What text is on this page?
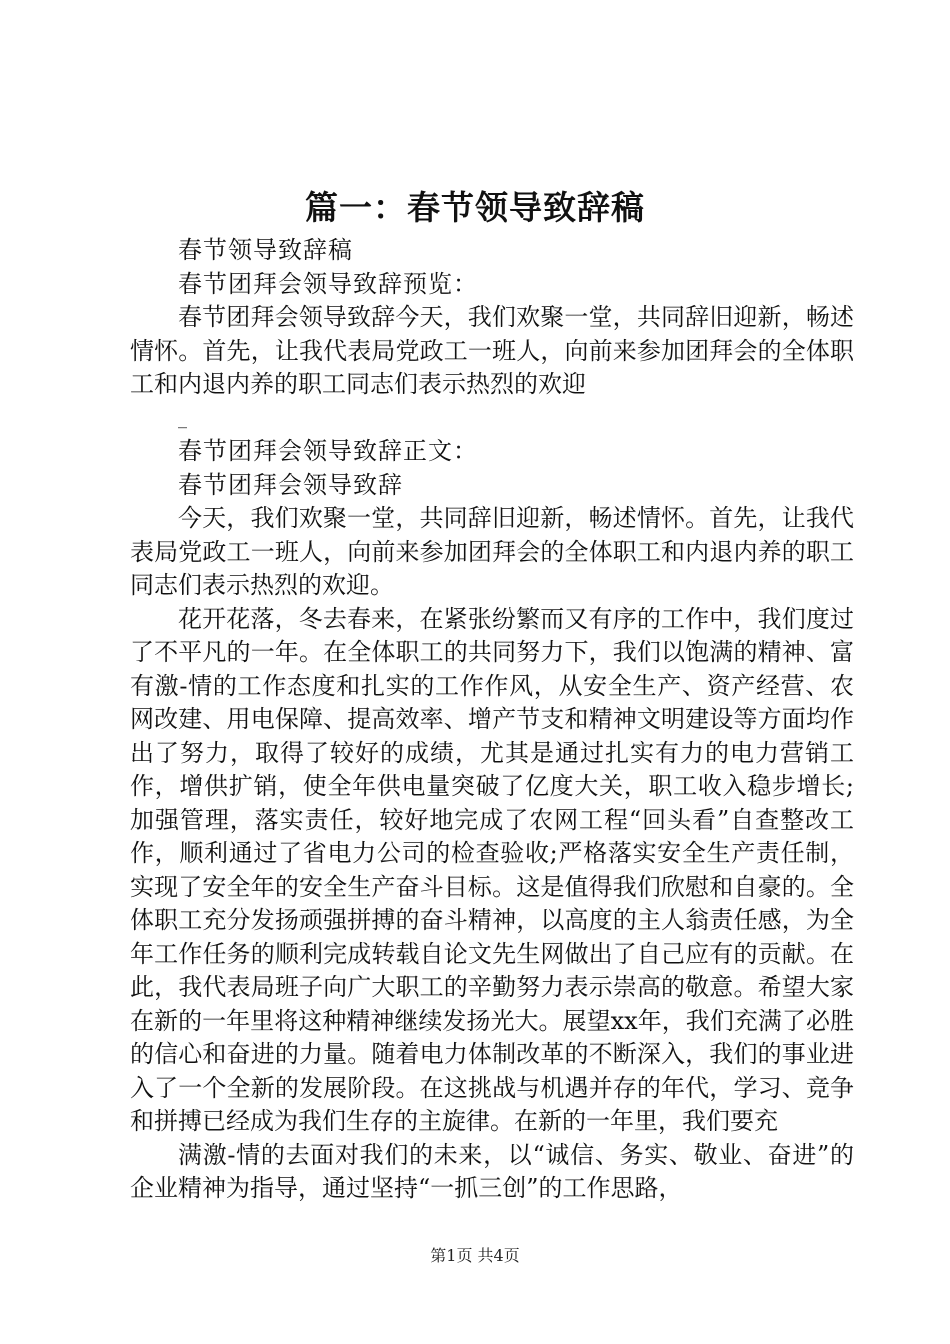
篇一：春节领导致辞稿

春节领导致辞稿

春节团拜会领导致辞预览：

春节团拜会领导致辞今天，我们欢聚一堂，共同辞旧迎新，畅述情怀。首先，让我代表局党政工一班人，向前来参加团拜会的全体职工和内退内养的职工同志们表示热烈的欢迎

_

春节团拜会领导致辞正文：

春节团拜会领导致辞

今天，我们欢聚一堂，共同辞旧迎新，畅述情怀。首先，让我代表局党政工一班人，向前来参加团拜会的全体职工和内退内养的职工同志们表示热烈的欢迎。

花开花落，冬去春来，在紧张纷繁而又有序的工作中，我们度过了不平凡的一年。在全体职工的共同努力下，我们以饱满的精神、富有激-情的工作态度和扎实的工作作风，从安全生产、资产经营、农网改建、用电保障、提高效率、增产节支和精神文明建设等方面均作出了努力，取得了较好的成绩，尤其是通过扎实有力的电力营销工作，增供扩销，使全年供电量突破了亿度大关，职工收入稳步增长;加强管理，落实责任，较好地完成了农网工程“回头看”自查整改工作，顺利通过了省电力公司的检查验收;严格落实安全生产责任制，实现了安全年的安全生产奋斗目标。这是值得我们欣慰和自豪的。全体职工充分发扬顽强拼搏的奋斗精神，以高度的主人翁责任感，为全年工作任务的顺利完成转载自论文先生网做出了自己应有的贡献。在此，我代表局班子向广大职工的辛勤努力表示崇高的敬意。希望大家在新的一年里将这种精神继续发扬光大。展望xx年，我们充满了必胜的信心和奋进的力量。随着电力体制改革的不断深入，我们的事业进入了一个全新的发展阶段。在这挑战与机遇并存的年代，学习、竞争和拼搏已经成为我们生存的主旋律。在新的一年里，我们要充

满激-情的去面对我们的未来，以“诚信、务实、敬业、奋进”的企业精神为指导，通过坚持“一抓三创”的工作思路，

第1页 共4页
